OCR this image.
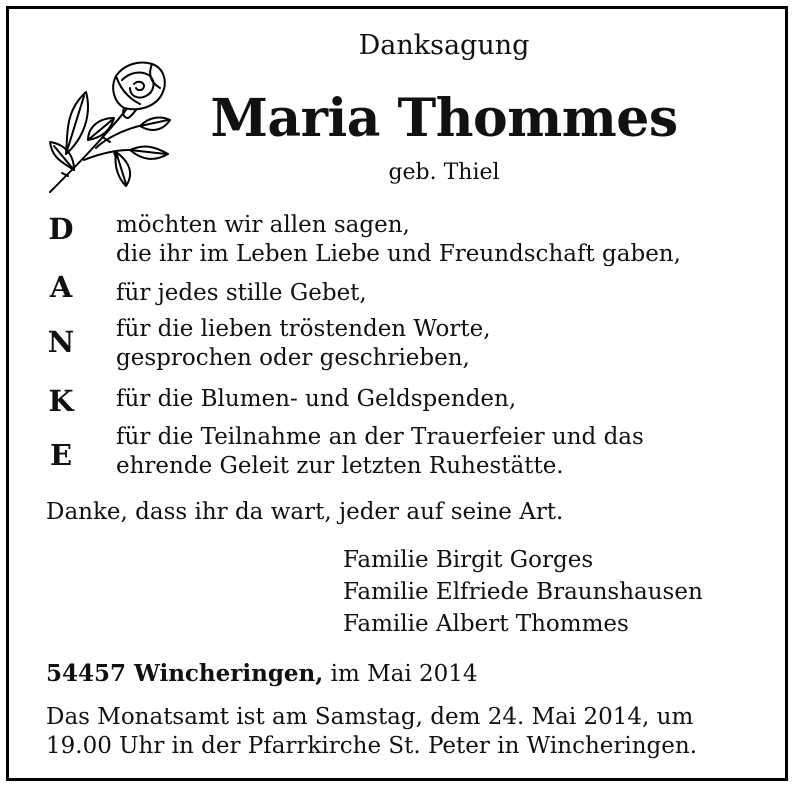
Danksagung
Maria Thommes
geb. Thiel
D möchten wir allen sagen,
die ihr im Leben Liebe und Freundschaft gaben,
A für jedes stille Gebet,
N für die lieben tröstenden Worte,
gesprochen oder geschrieben,
K für die Blumen- und Geldspenden,
E
für die Teilnahme an der Trauerfeier und das
ehrende Geleit zur letzten Ruhestätte.
Danke, dass ihr da wart, jeder auf seine Art.
Familie Birgit Gorges
Familie Elfriede Braunshausen
Familie Albert Thommes
54457 Wincheringen, im Mai 2014
Das Monatsamt ist am Samstag, dem 24. Mai 2014, um
19.00 Uhr in der Pfarrkirche St. Peter in Wincheringen.
